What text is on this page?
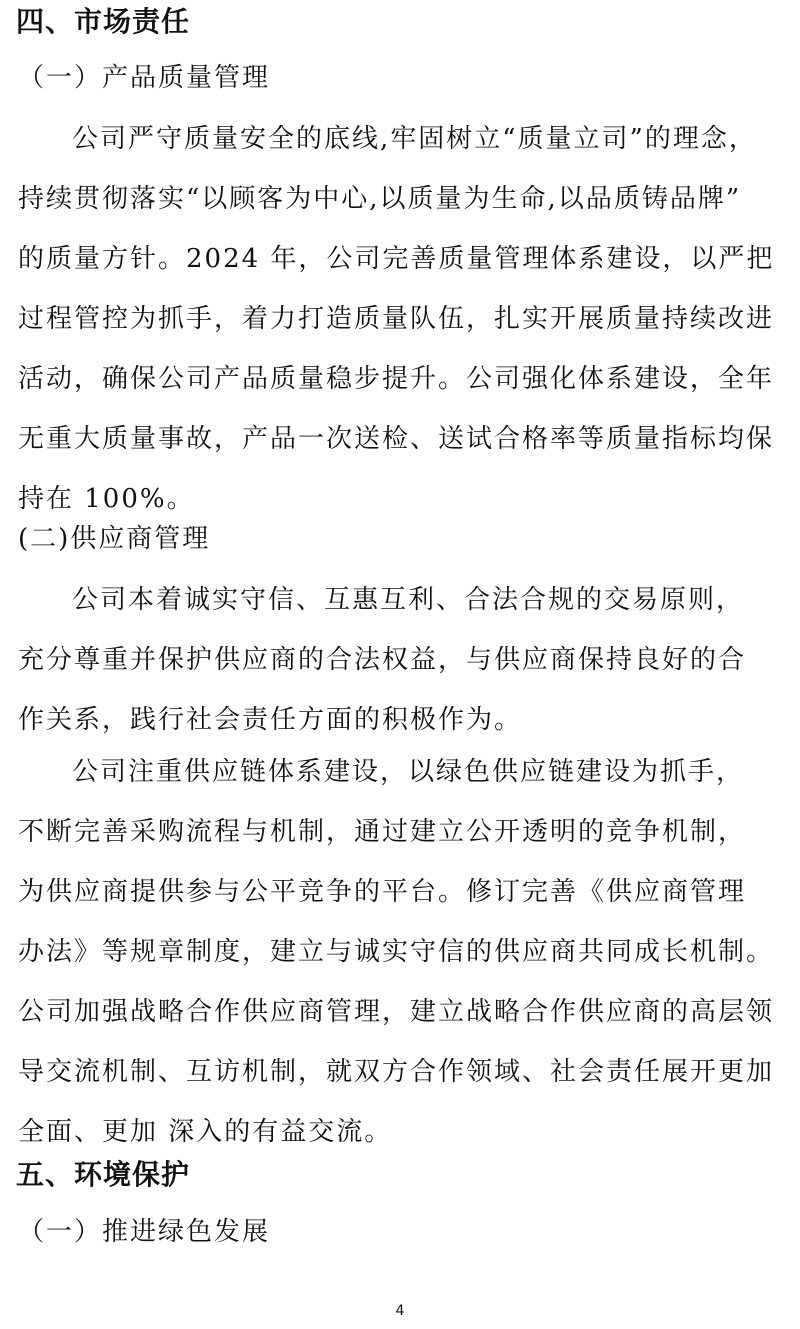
四、市场责任
（一）产品质量管理
公司严守质量安全的底线,牢固树立“质量立司”的理念，
持续贯彻落实“以顾客为中心,以质量为生命,以品质铸品牌”
的质量方针。2024 年，公司完善质量管理体系建设，以严把
过程管控为抓手，着力打造质量队伍，扎实开展质量持续改进
活动，确保公司产品质量稳步提升。公司强化体系建设，全年
无重大质量事故，产品一次送检、送试合格率等质量指标均保
持在 100%。
(二)供应商管理
公司本着诚实守信、互惠互利、合法合规的交易原则，
充分尊重并保护供应商的合法权益，与供应商保持良好的合
作关系，践行社会责任方面的积极作为。
公司注重供应链体系建设，以绿色供应链建设为抓手，
不断完善采购流程与机制，通过建立公开透明的竞争机制，
为供应商提供参与公平竞争的平台。修订完善《供应商管理
办法》等规章制度，建立与诚实守信的供应商共同成长机制。
公司加强战略合作供应商管理，建立战略合作供应商的高层领
导交流机制、互访机制，就双方合作领域、社会责任展开更加
全面、更加 深入的有益交流。
五、环境保护
（一）推进绿色发展
4
